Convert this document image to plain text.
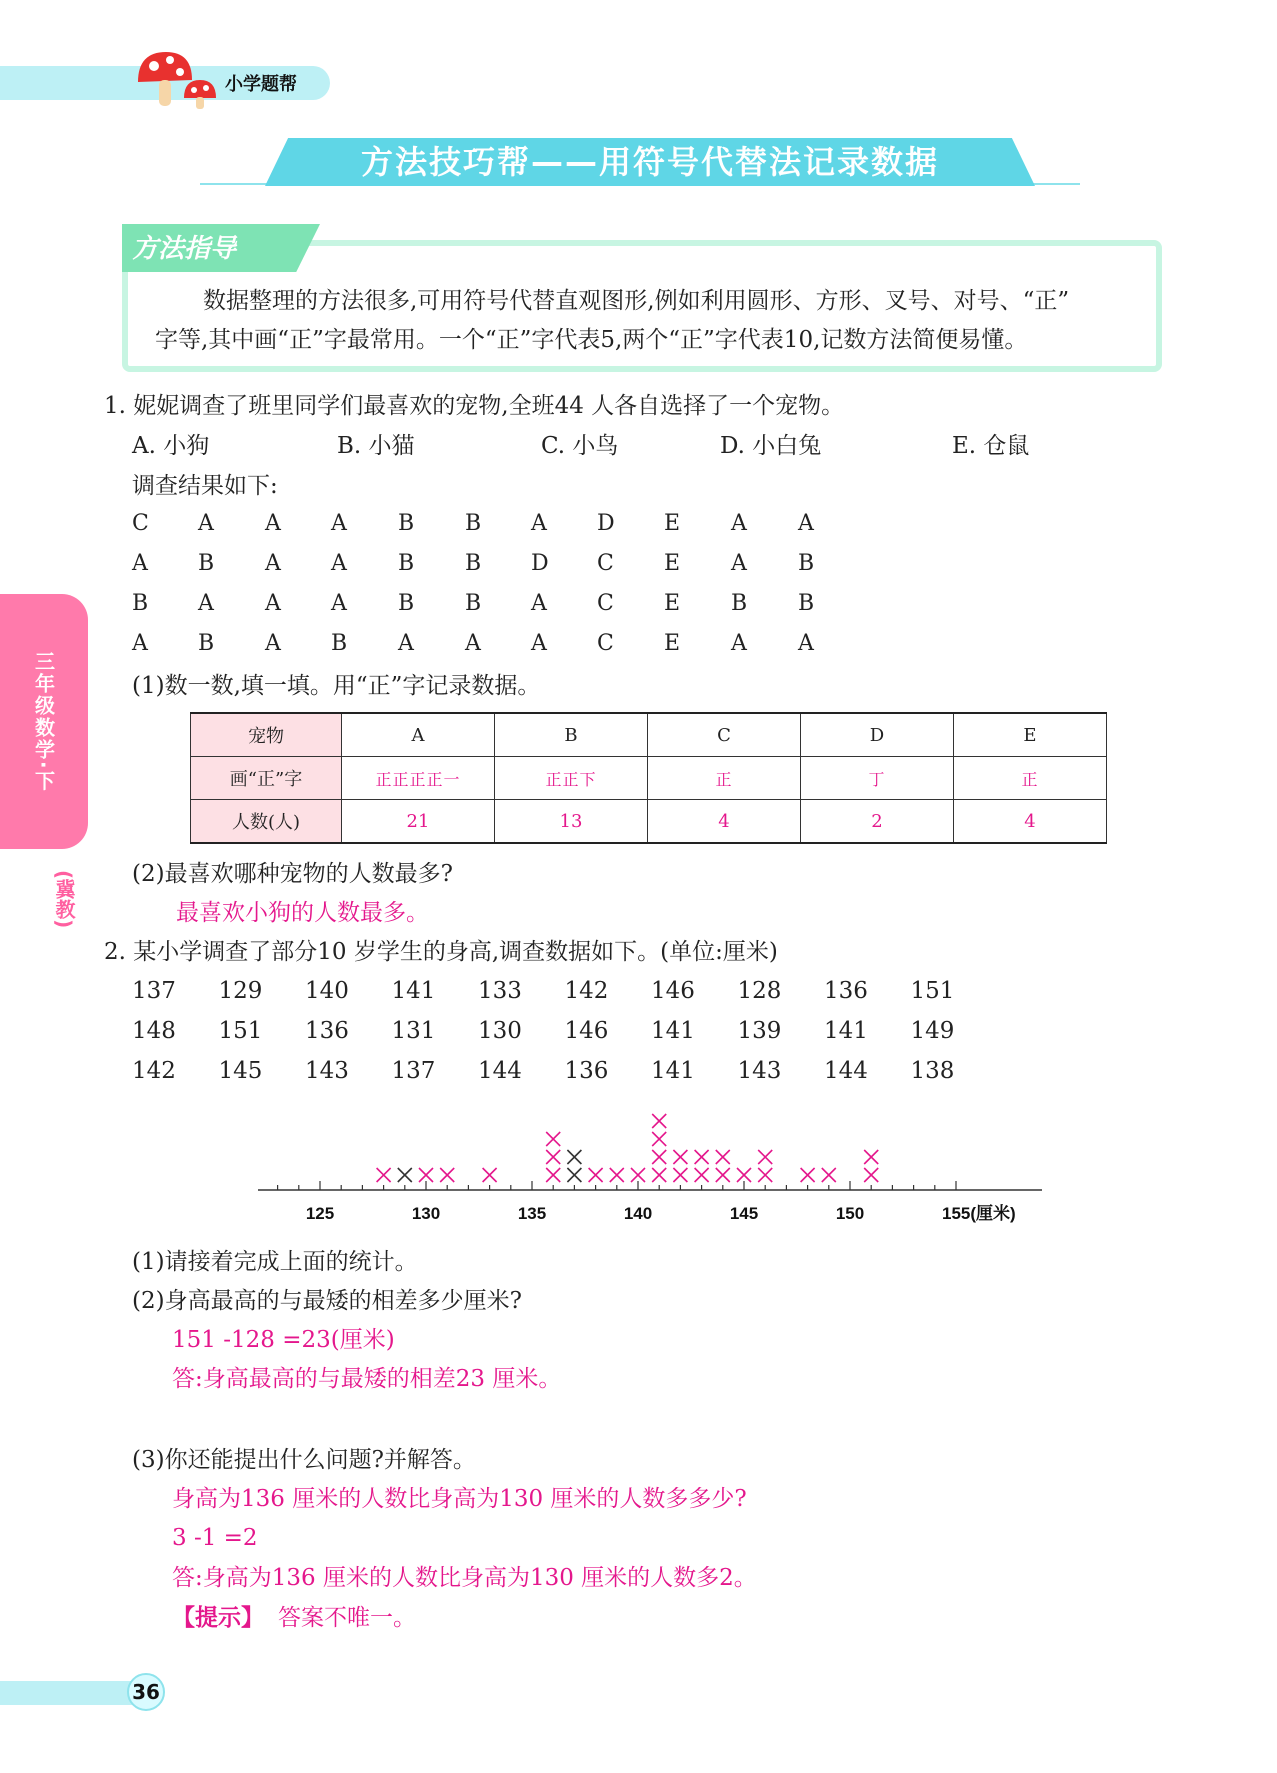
小学题帮
方法技巧帮——用符号代替法记录数据
方法指导
数据整理的方法很多,可用符号代替直观图形,例如利用圆形、方形、叉号、对号、“正”
字等,其中画“正”字最常用。一个“正”字代表5,两个“正”字代表10,记数方法简便易懂。
三年级数学·下
(冀教)
1. 妮妮调查了班里同学们最喜欢的宠物,全班44 人各自选择了一个宠物。
A. 小狗	B. 小猫	C. 小鸟	D. 小白兔	E. 仓鼠
调查结果如下:
C	A	A	A	B	B	A	D	E	A	A
A	B	A	A	B	B	D	C	E	A	B
B	A	A	A	B	B	A	C	E	B	B
A	B	A	B	A	A	A	C	E	A	A
(1)数一数,填一填。用“正”字记录数据。
宠物	A	B	C	D	E
画“正”字	正正正正一	正正下	正	丁	正
人数(人)	21	13	4	2	4
(2)最喜欢哪种宠物的人数最多?
最喜欢小狗的人数最多。
2. 某小学调查了部分10 岁学生的身高,调查数据如下。(单位:厘米)
137	129	140	141	133	142	146	128	136	151
148	151	136	131	130	146	141	139	141	149
142	145	143	137	144	136	141	143	144	138
125	130	135	140	145	150	155(厘米)
(1)请接着完成上面的统计。
(2)身高最高的与最矮的相差多少厘米?
151 -128 =23(厘米)
答:身高最高的与最矮的相差23 厘米。
(3)你还能提出什么问题?并解答。
身高为136 厘米的人数比身高为130 厘米的人数多多少?
3 -1 =2
答:身高为136 厘米的人数比身高为130 厘米的人数多2。
【提示】 答案不唯一。
36
